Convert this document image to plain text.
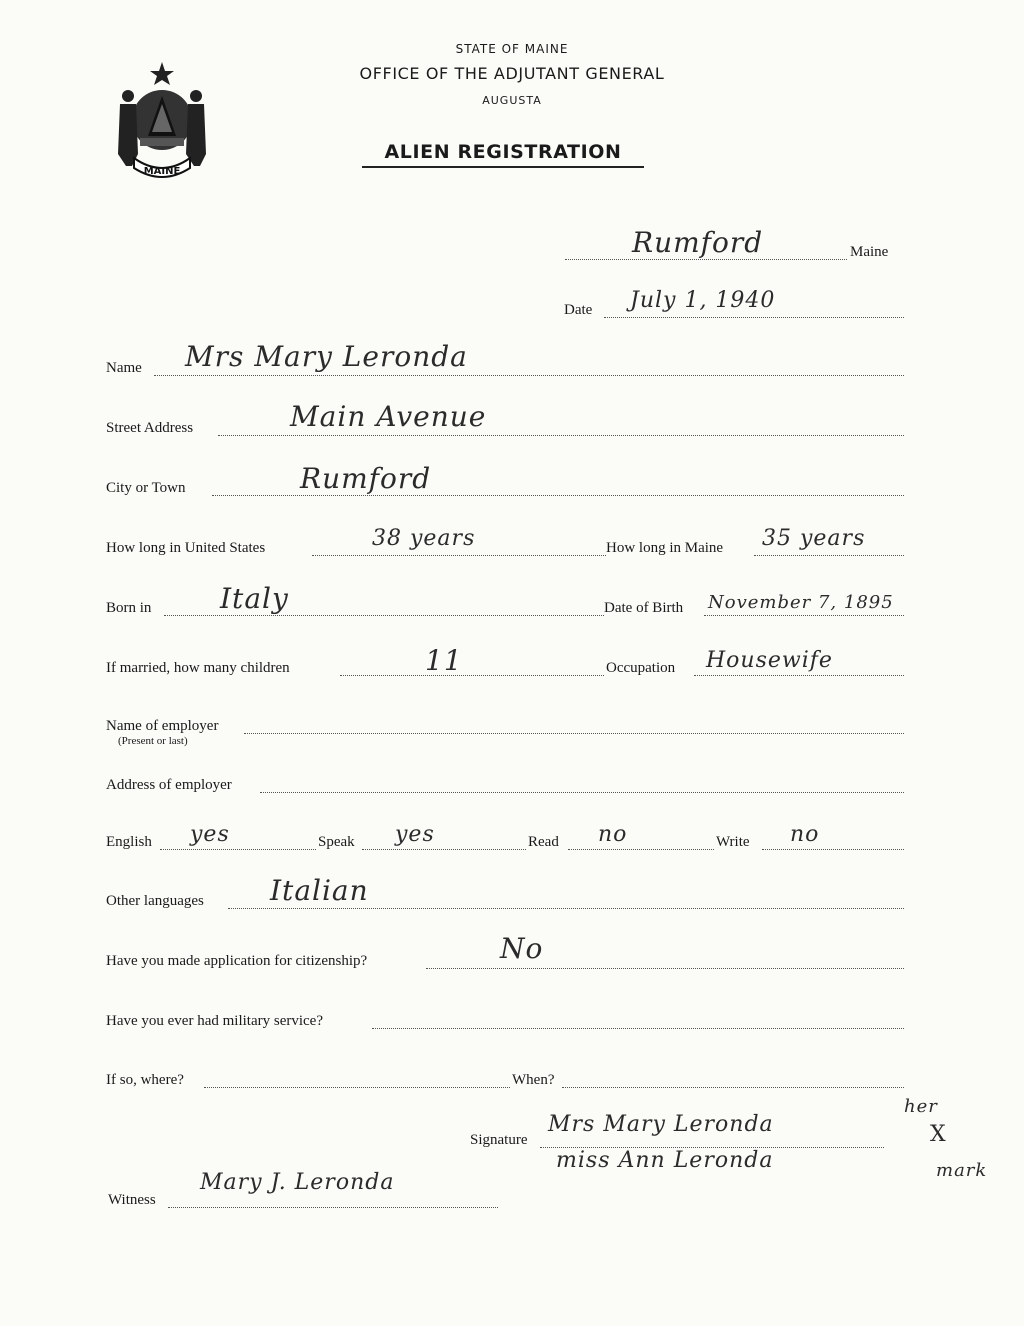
STATE OF MAINE
OFFICE OF THE ADJUTANT GENERAL
AUGUSTA
ALIEN REGISTRATION
MAINE
Rumford	Maine
Date July 1, 1940
Name Mrs Mary Leronda
Street Address	Main Avenue
City or Town	Rumford
How long in United States	38 years	How long in Maine 35 years
Born in Italy	Date of Birth November 7, 1895
If married, how many children	11	Occupation Housewife
Name of employer
(Present or last)
Address of employer
English yes	Speak yes	Read no	Write no
Other languages Italian
Have you made application for citizenship?	No
Have you ever had military service?
If so, where?	When?
Signature
Mrs Mary Leronda
miss Ann Leronda
her
X
mark
Witness
Mary J. Leronda
